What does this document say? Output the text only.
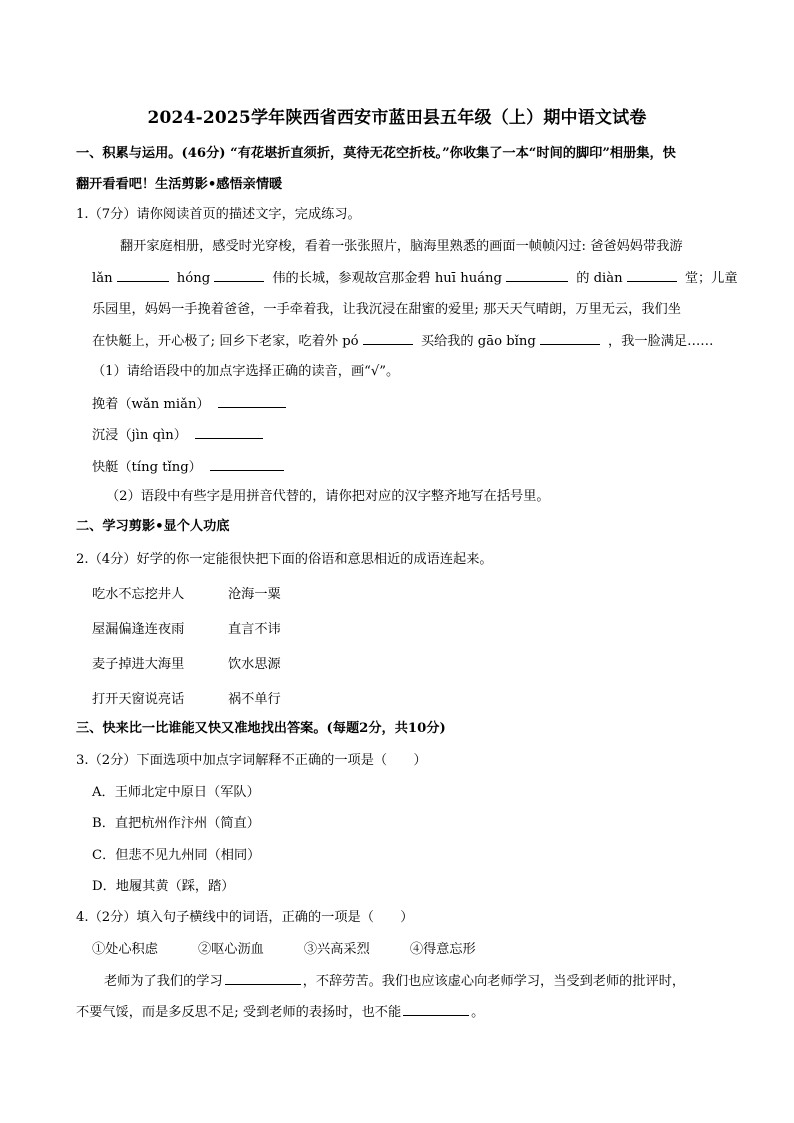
2024-2025学年陕西省西安市蓝田县五年级（上）期中语文试卷
一、积累与运用。(46分) “有花堪折直须折，莫待无花空折枝。”你收集了一本“时间的脚印”相册集，快
翻开看看吧！生活剪影•感悟亲情暖
1.（7分）请你阅读首页的描述文字，完成练习。
翻开家庭相册，感受时光穿梭，看着一张张照片，脑海里熟悉的画面一帧帧闪过: 爸爸妈妈带我游
lǎn	hóng	伟的长城，参观故宫那金碧 huī huáng	的 diàn	堂；儿童
乐园里，妈妈一手挽着爸爸，一手牵着我，让我沉浸在甜蜜的爱里; 那天天气晴朗，万里无云，我们坐
在快艇上，开心极了; 回乡下老家，吃着外 pó	买给我的 gāo bǐng	，我一脸满足……
（1）请给语段中的加点字选择正确的读音，画“√”。
挽着（wǎn miǎn）
沉浸（jìn qìn）
快艇（tíng tǐng）
（2）语段中有些字是用拼音代替的，请你把对应的汉字整齐地写在括号里。
二、学习剪影•显个人功底
2.（4分）好学的你一定能很快把下面的俗语和意思相近的成语连起来。
吃水不忘挖井人	沧海一粟
屋漏偏逢连夜雨	直言不讳
麦子掉进大海里	饮水思源
打开天窗说亮话	祸不单行
三、快来比一比谁能又快又准地找出答案。(每题2分，共10分)
3.（2分）下面选项中加点字词解释不正确的一项是（　　）
A．王师北定中原日（军队）
B．直把杭州作汴州（简直）
C．但悲不见九州同（相同）
D．地履其黄（踩，踏）
4.（2分）填入句子横线中的词语，正确的一项是（　　）
①处心积虑	②呕心沥血	③兴高采烈	④得意忘形
老师为了我们的学习	，不辞劳苦。我们也应该虚心向老师学习，当受到老师的批评时，
不要气馁，而是多反思不足; 受到老师的表扬时，也不能	。
